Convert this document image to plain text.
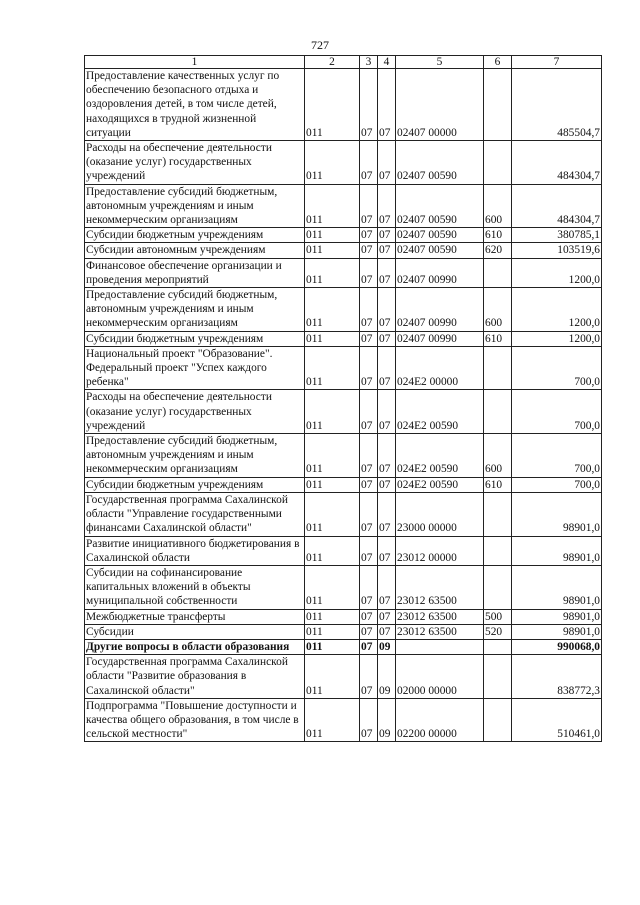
727
1	2	3	4	5	6	7
Предоставление качественных услуг по обеспечению безопасного отдыха и оздоровления детей, в том числе детей, находящихся в трудной жизненной ситуации	011	07	07	02407 00000		485504,7
Расходы на обеспечение деятельности (оказание услуг) государственных учреждений	011	07	07	02407 00590		484304,7
Предоставление субсидий бюджетным, автономным учреждениям и иным некоммерческим организациям	011	07	07	02407 00590	600	484304,7
Субсидии бюджетным учреждениям	011	07	07	02407 00590	610	380785,1
Субсидии автономным учреждениям	011	07	07	02407 00590	620	103519,6
Финансовое обеспечение организации и проведения мероприятий	011	07	07	02407 00990		1200,0
Предоставление субсидий бюджетным, автономным учреждениям и иным некоммерческим организациям	011	07	07	02407 00990	600	1200,0
Субсидии бюджетным учреждениям	011	07	07	02407 00990	610	1200,0
Национальный проект "Образование". Федеральный проект "Успех каждого ребенка"	011	07	07	024E2 00000		700,0
Расходы на обеспечение деятельности (оказание услуг) государственных учреждений	011	07	07	024E2 00590		700,0
Предоставление субсидий бюджетным, автономным учреждениям и иным некоммерческим организациям	011	07	07	024E2 00590	600	700,0
Субсидии бюджетным учреждениям	011	07	07	024E2 00590	610	700,0
Государственная программа Сахалинской области "Управление государственными финансами Сахалинской области"	011	07	07	23000 00000		98901,0
Развитие инициативного бюджетирования в Сахалинской области	011	07	07	23012 00000		98901,0
Субсидии на софинансирование капитальных вложений в объекты муниципальной собственности	011	07	07	23012 63500		98901,0
Межбюджетные трансферты	011	07	07	23012 63500	500	98901,0
Субсидии	011	07	07	23012 63500	520	98901,0
Другие вопросы в области образования	011	07	09			990068,0
Государственная программа Сахалинской области "Развитие образования в Сахалинской области"	011	07	09	02000 00000		838772,3
Подпрограмма "Повышение доступности и качества общего образования, в том числе в сельской местности"	011	07	09	02200 00000		510461,0
